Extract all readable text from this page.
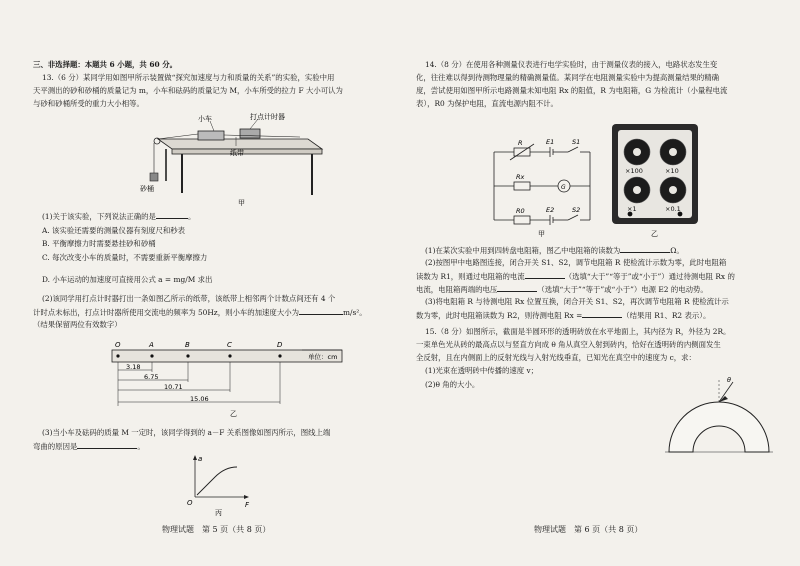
三、非选择题：本题共 6 小题，共 60 分。
13.（6 分）某同学用如图甲所示装置做“探究加速度与力和质量的关系”的实验，实验中用
天平测出的砂和砂桶的质量记为 m，小车和砝码的质量记为 M，小车所受的拉力 F 大小可认为
与砂和砂桶所受的重力大小相等。
小车	打点计时器
纸带
砂桶
甲
(1)关于该实验，下列说法正确的是	。
A. 该实验还需要的测量仪器有刻度尺和秒表
B. 平衡摩擦力时需要悬挂砂和砂桶
C. 每次改变小车的质量时，不需要重新平衡摩擦力
D. 小车运动的加速度可直接用公式 a = mg/M 求出
(2)该同学用打点计时器打出一条如图乙所示的纸带，该纸带上相邻两个计数点间还有 4 个
计时点未标出，打点计时器所使用交流电的频率为 50Hz，则小车的加速度大小为	m/s²。
（结果保留两位有效数字）
O	A	B	C	D
单位：cm
3.18
6.75
10.71
15.06
乙
(3)当小车及砝码的质量 M 一定时，该同学得到的 a－F 关系图像如图丙所示，图线上端
弯曲的原因是	。
a
F
O
丙
物理试题　第 5 页（共 8 页）
14.（8 分）在使用各种测量仪表进行电学实验时，由于测量仪表的接入，电路状态发生变
化，往往难以得到待测物理量的精确测量值。某同学在电阻测量实验中为提高测量结果的精确
度，尝试使用如图甲所示电路测量未知电阻 Rx 的阻值，R 为电阻箱，G 为检流计（小量程电流
表），R0 为保护电阻，直流电源内阻不计。
R	E1	S1
Rx
G
R0	E2	S2
甲
×100	×10
×1	×0.1
乙
(1)在某次实验中用到四转盘电阻箱，图乙中电阻箱的读数为	Ω。
(2)按图甲中电路图连接，闭合开关 S1、S2，调节电阻箱 R 使检流计示数为零，此时电阻箱
读数为 R1，则通过电阻箱的电流	（选填“大于”“等于”或“小于”）通过待测电阻 Rx 的
电流，电阻箱两端的电压	（选填“大于”“等于”或“小于”）电源 E2 的电动势。
(3)将电阻箱 R 与待测电阻 Rx 位置互换，闭合开关 S1、S2，再次调节电阻箱 R 使检流计示
数为零，此时电阻箱读数为 R2，则待测电阻 Rx =	（结果用 R1、R2 表示）。
15.（8 分）如图所示，截面是半圆环形的透明砖放在水平地面上，其内径为 R，外径为 2R。
一束单色光从砖的最高点以与竖直方向成 θ 角从真空入射到砖内，恰好在透明砖的内侧面发生
全反射，且在内侧面上的反射光线与入射光线垂直，已知光在真空中的速度为 c，求：
(1)光束在透明砖中传播的速度 v；
(2)θ 角的大小。	θ
物理试题　第 6 页（共 8 页）
